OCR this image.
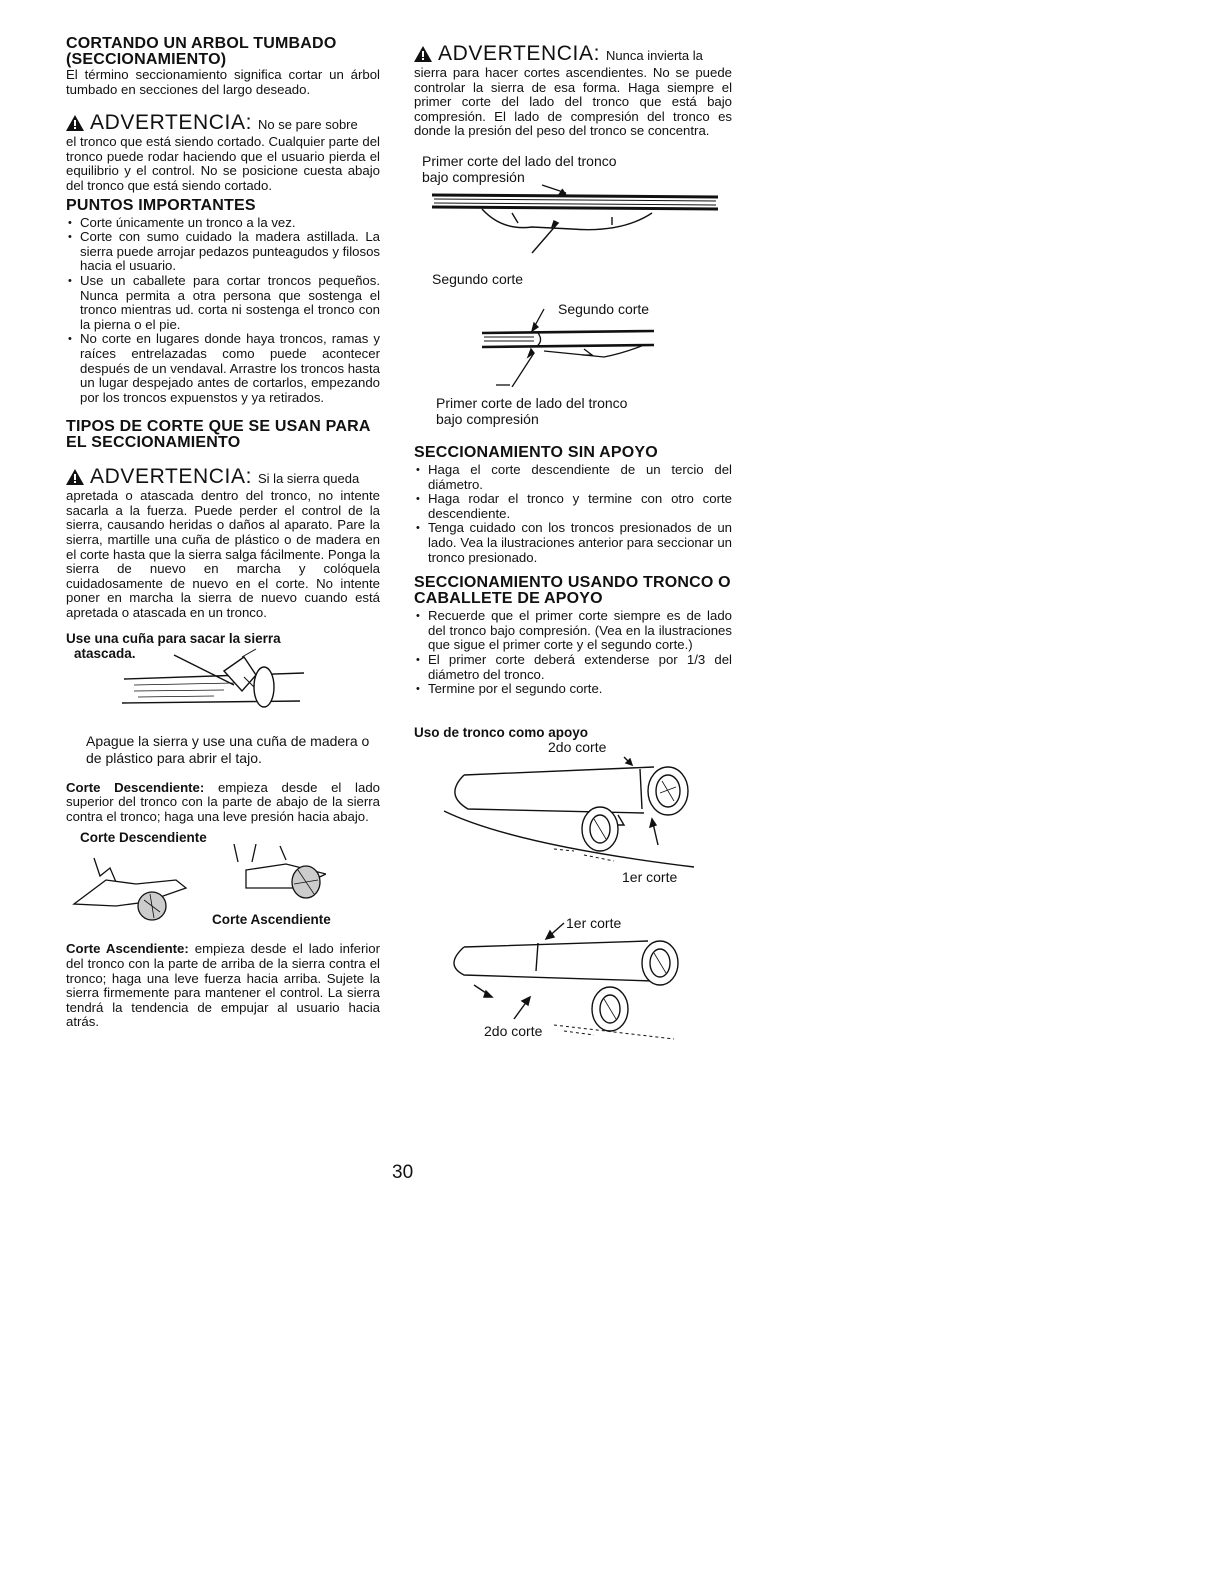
CORTANDO UN ARBOL TUMBADO (SECCIONAMIENTO)

El término seccionamiento significa cortar un árbol tumbado en secciones del largo deseado.

ADVERTENCIA: No se pare sobre

el tronco que está siendo cortado. Cualquier parte del tronco puede rodar haciendo que el usuario pierda el equilibrio y el control. No se posicione cuesta abajo del tronco que está siendo cortado.

PUNTOS IMPORTANTES
• Corte únicamente un tronco a la vez.
• Corte con sumo cuidado la madera astillada. La sierra puede arrojar pedazos punteagudos y filosos hacia el usuario.
• Use un caballete para cortar troncos pequeños. Nunca permita a otra persona que sostenga el tronco mientras ud. corta ni sostenga el tronco con la pierna o el pie.
• No corte en lugares donde haya troncos, ramas y raíces entrelazadas como puede acontecer después de un vendaval. Arrastre los troncos hasta un lugar despejado antes de cortarlos, empezando por los troncos expuenstos y ya retirados.
TIPOS DE CORTE QUE SE USAN PARA EL SECCIONAMIENTO
ADVERTENCIA: Si la sierra queda

apretada o atascada dentro del tronco, no intente sacarla a la fuerza. Puede perder el control de la sierra, causando heridas o daños al aparato. Pare la sierra, martille una cuña de plástico o de madera en el corte hasta que la sierra salga fácilmente. Ponga la sierra de nuevo en marcha y colóquela cuidadosamente de nuevo en el corte. No intente poner en marcha la sierra de nuevo cuando está apretada o atascada en un tronco.

Use una cuña para sacar la sierra
atascada.

Apague la sierra y use una cuña de madera o de plástico para abrir el tajo.

Corte Descendiente: empieza desde el lado superior del tronco con la parte de abajo de la sierra contra el tronco; haga una leve presión hacia abajo.

Corte Descendiente
Corte Ascendiente

Corte Ascendiente: empieza desde el lado inferior del tronco con la parte de arriba de la sierra contra el tronco; haga una leve fuerza hacia arriba. Sujete la sierra firmemente para mantener el control. La sierra tendrá la tendencia de empujar al usuario hacia atrás.

ADVERTENCIA: Nunca invierta la

sierra para hacer cortes ascendientes. No se puede controlar la sierra de esa forma. Haga siempre el primer corte del lado del tronco que está bajo compresión. El lado de compresión del tronco es donde la presión del peso del tronco se concentra.

Primer corte del lado del tronco
bajo compresión
Segundo corte
Segundo corte
Primer corte de lado del tronco
bajo compresión
SECCIONAMIENTO SIN APOYO
• Haga el corte descendiente de un tercio del diámetro.
• Haga rodar el tronco y termine con otro corte descendiente.
• Tenga cuidado con los troncos presionados de un lado. Vea la ilustraciones anterior para seccionar un tronco presionado.
SECCIONAMIENTO USANDO TRONCO O CABALLETE DE APOYO
• Recuerde que el primer corte siempre es de lado del tronco bajo compresión. (Vea en la ilustraciones que sigue el primer corte y el segundo corte.)
• El primer corte deberá extenderse por 1/3 del diámetro del tronco.
• Termine por el segundo corte.
Uso de tronco como apoyo
2do corte
1er corte
1er corte
2do corte
30
